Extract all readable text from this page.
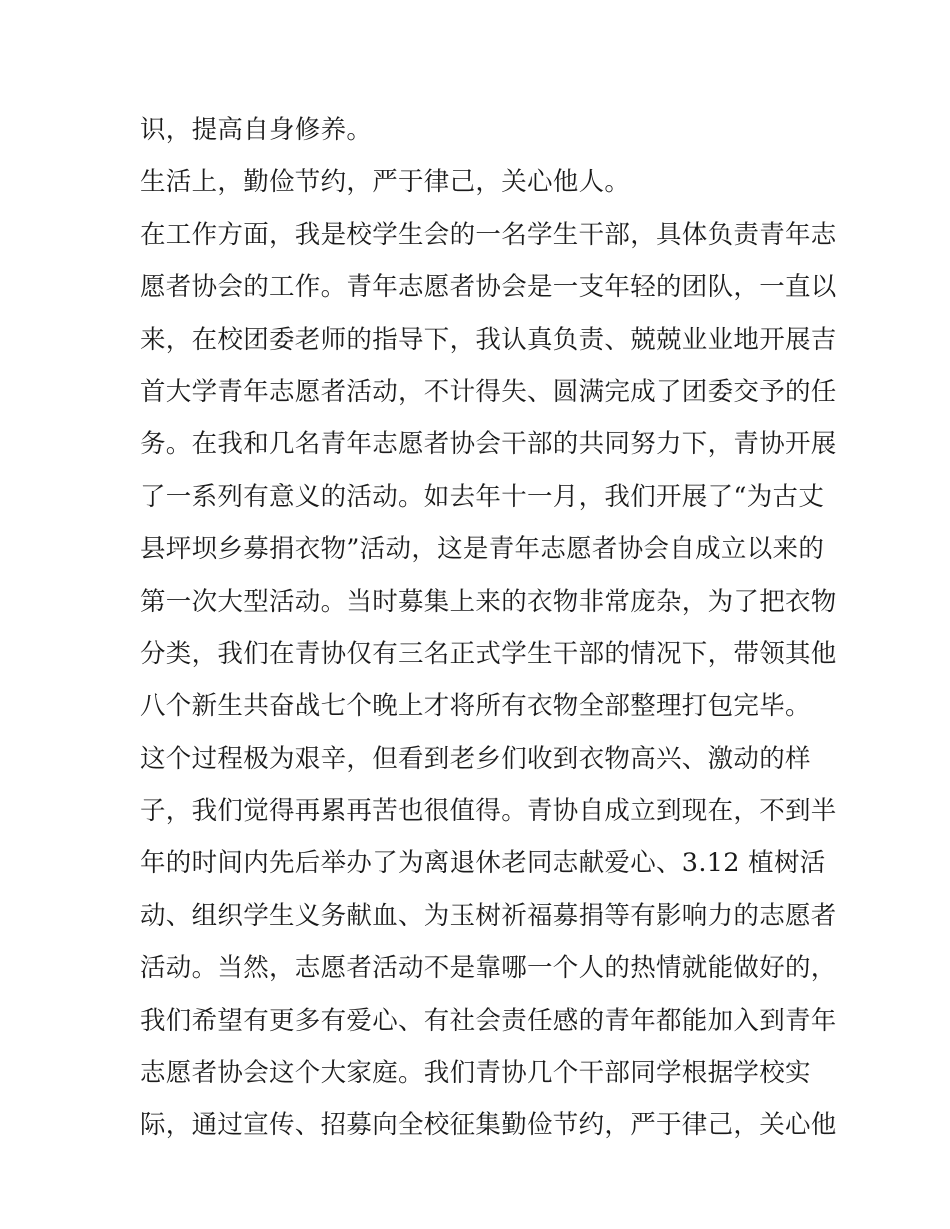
识，提高自身修养。
生活上，勤俭节约，严于律己，关心他人。
在工作方面，我是校学生会的一名学生干部，具体负责青年志
愿者协会的工作。青年志愿者协会是一支年轻的团队，一直以
来，在校团委老师的指导下，我认真负责、兢兢业业地开展吉
首大学青年志愿者活动，不计得失、圆满完成了团委交予的任
务。在我和几名青年志愿者协会干部的共同努力下，青协开展
了一系列有意义的活动。如去年十一月，我们开展了“为古丈
县坪坝乡募捐衣物”活动，这是青年志愿者协会自成立以来的
第一次大型活动。当时募集上来的衣物非常庞杂，为了把衣物
分类，我们在青协仅有三名正式学生干部的情况下，带领其他
八个新生共奋战七个晚上才将所有衣物全部整理打包完毕。
这个过程极为艰辛，但看到老乡们收到衣物高兴、激动的样
子，我们觉得再累再苦也很值得。青协自成立到现在，不到半
年的时间内先后举办了为离退休老同志献爱心、3.12 植树活
动、组织学生义务献血、为玉树祈福募捐等有影响力的志愿者
活动。当然，志愿者活动不是靠哪一个人的热情就能做好的，
我们希望有更多有爱心、有社会责任感的青年都能加入到青年
志愿者协会这个大家庭。我们青协几个干部同学根据学校实
际，通过宣传、招募向全校征集勤俭节约，严于律己，关心他
